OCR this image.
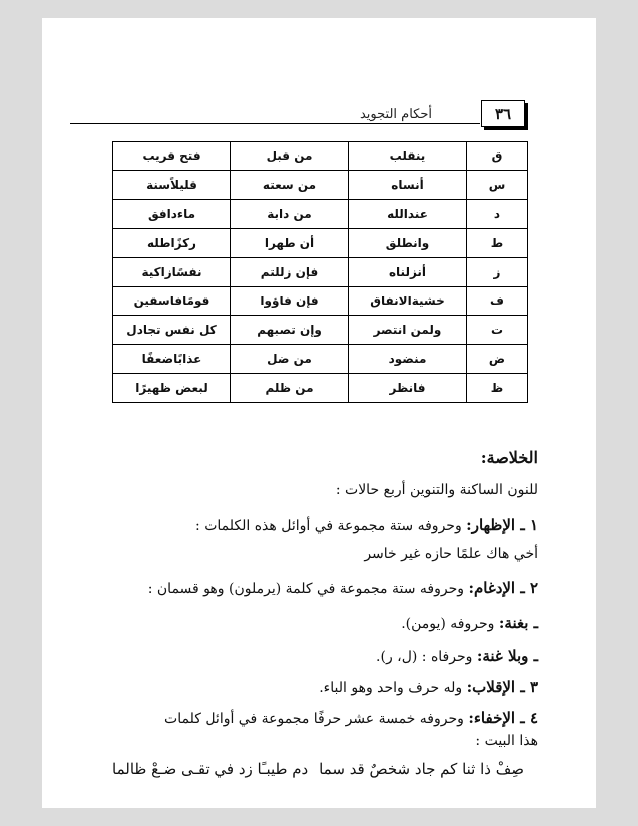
أحكام التجويد	٣٦
ق	ينقلب	من قبل	فتح قريب
س	أنساه	من سعته	قليلاًسنة
د	عندالله	من دابة	ماءدافق
ط	وانطلق	أن طهرا	ركزًاطله
ز	أنزلناه	فإن زللتم	نفسًازاكية
ف	خشيةالانفاق	فإن فاؤوا	قومًافاسقين
ت	ولمن انتصر	وإن تصبهم	كل نفس تجادل
ض	منضود	من ضل	عذابًاضعفًا
ظ	فانظر	من ظلم	لبعض ظهيرًا
الخلاصة:
للنون الساكنة والتنوين أربع حالات :
١ ـ الإظهار: وحروفه ستة مجموعة في أوائل هذه الكلمات :
أخي هاك علمًا حازه غير خاسر
٢ ـ الإدغام: وحروفه ستة مجموعة في كلمة (يرملون) وهو قسمان :
ـ بغنة: وحروفه (يومن).
ـ وبلا غنة: وحرفاه : (ل، ر).
٣ ـ الإقلاب: وله حرف واحد وهو الباء.
٤ ـ الإخفاء: وحروفه خمسة عشر حرفًا مجموعة في أوائل كلمات
هذا البيت :
صِفْ ذا ثنا كم جاد شخصٌ قد سما
دم طيبـًا زد في تقـى ضـعْ ظالما
